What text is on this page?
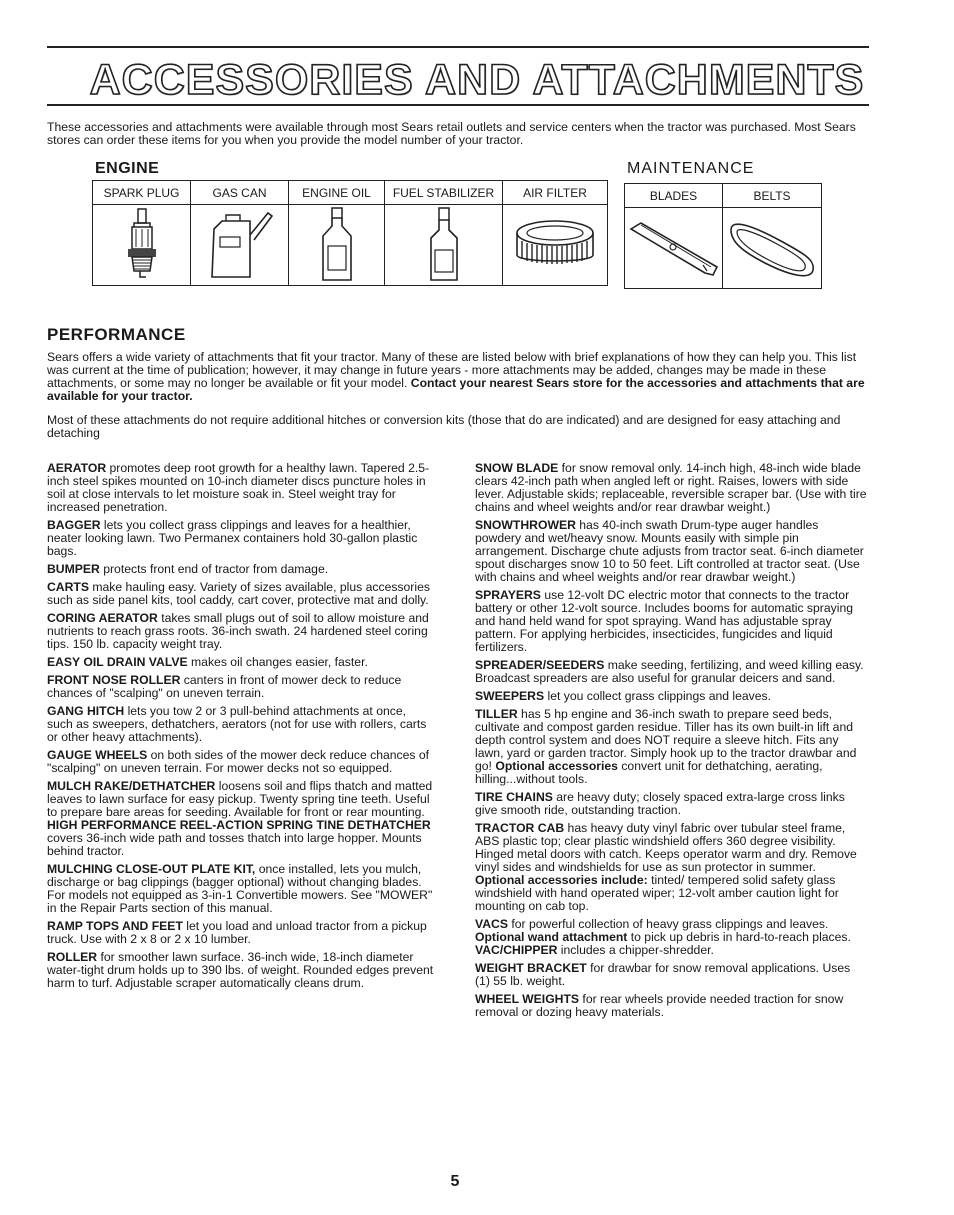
ACCESSORIES AND ATTACHMENTS
These accessories and attachments were available through most Sears retail outlets and service centers when the tractor was purchased. Most Sears stores can order these items for you when you provide the model number of your tractor.
ENGINE
SPARK PLUG	GAS CAN	ENGINE OIL	FUEL STABILIZER	AIR FILTER
MAINTENANCE
BLADES	BELTS
PERFORMANCE
Sears offers a wide variety of attachments that fit your tractor. Many of these are listed below with brief explanations of how they can help you. This list was current at the time of publication; however, it may change in future years - more attachments may be added, changes may be made in these attachments, or some may no longer be available or fit your model. Contact your nearest Sears store for the accessories and attachments that are available for your tractor.
Most of these attachments do not require additional hitches or conversion kits (those that do are indicated) and are designed for easy attaching and detaching

AERATOR promotes deep root growth for a healthy lawn. Tapered 2.5-inch steel spikes mounted on 10-inch diameter discs puncture holes in soil at close intervals to let moisture soak in. Steel weight tray for increased penetration.

BAGGER lets you collect grass clippings and leaves for a healthier, neater looking lawn. Two Permanex containers hold 30-gallon plastic bags.

BUMPER protects front end of tractor from damage.

CARTS make hauling easy. Variety of sizes available, plus accessories such as side panel kits, tool caddy, cart cover, protective mat and dolly.

CORING AERATOR takes small plugs out of soil to allow moisture and nutrients to reach grass roots. 36-inch swath. 24 hardened steel coring tips. 150 lb. capacity weight tray.

EASY OIL DRAIN VALVE makes oil changes easier, faster.

FRONT NOSE ROLLER canters in front of mower deck to reduce chances of "scalping" on uneven terrain.

GANG HITCH lets you tow 2 or 3 pull-behind attachments at once, such as sweepers, dethatchers, aerators (not for use with rollers, carts or other heavy attachments).

GAUGE WHEELS on both sides of the mower deck reduce chances of "scalping" on uneven terrain. For mower decks not so equipped.

MULCH RAKE/DETHATCHER loosens soil and flips thatch and matted leaves to lawn surface for easy pickup. Twenty spring tine teeth. Useful to prepare bare areas for seeding. Available for front or rear mounting. HIGH PERFORMANCE REEL-ACTION SPRING TINE DETHATCHER covers 36-inch wide path and tosses thatch into large hopper. Mounts behind tractor.

MULCHING CLOSE-OUT PLATE KIT, once installed, lets you mulch, discharge or bag clippings (bagger optional) without changing blades. For models not equipped as 3-in-1 Convertible mowers. See "MOWER" in the Repair Parts section of this manual.

RAMP TOPS AND FEET let you load and unload tractor from a pickup truck. Use with 2 x 8 or 2 x 10 lumber.

ROLLER for smoother lawn surface. 36-inch wide, 18-inch diameter water-tight drum holds up to 390 lbs. of weight. Rounded edges prevent harm to turf. Adjustable scraper automatically cleans drum.

SNOW BLADE for snow removal only. 14-inch high, 48-inch wide blade clears 42-inch path when angled left or right. Raises, lowers with side lever. Adjustable skids; replaceable, reversible scraper bar. (Use with tire chains and wheel weights and/or rear drawbar weight.)

SNOWTHROWER has 40-inch swath Drum-type auger handles powdery and wet/heavy snow. Mounts easily with simple pin arrangement. Discharge chute adjusts from tractor seat. 6-inch diameter spout discharges snow 10 to 50 feet. Lift controlled at tractor seat. (Use with chains and wheel weights and/or rear drawbar weight.)

SPRAYERS use 12-volt DC electric motor that connects to the tractor battery or other 12-volt source. Includes booms for automatic spraying and hand held wand for spot spraying. Wand has adjustable spray pattern. For applying herbicides, insecticides, fungicides and liquid fertilizers.

SPREADER/SEEDERS make seeding, fertilizing, and weed killing easy. Broadcast spreaders are also useful for granular deicers and sand.

SWEEPERS let you collect grass clippings and leaves.

TILLER has 5 hp engine and 36-inch swath to prepare seed beds, cultivate and compost garden residue. Tiller has its own built-in lift and depth control system and does NOT require a sleeve hitch. Fits any lawn, yard or garden tractor. Simply hook up to the tractor drawbar and go! Optional accessories convert unit for dethatching, aerating, hilling...without tools.

TIRE CHAINS are heavy duty; closely spaced extra-large cross links give smooth ride, outstanding traction.

TRACTOR CAB has heavy duty vinyl fabric over tubular steel frame, ABS plastic top; clear plastic windshield offers 360 degree visibility. Hinged metal doors with catch. Keeps operator warm and dry. Remove vinyl sides and windshields for use as sun protector in summer. Optional accessories include: tinted/ tempered solid safety glass windshield with hand operated wiper; 12-volt amber caution light for mounting on cab top.

VACS for powerful collection of heavy grass clippings and leaves. Optional wand attachment to pick up debris in hard-to-reach places. VAC/CHIPPER includes a chipper-shredder.

WEIGHT BRACKET for drawbar for snow removal applications. Uses (1) 55 lb. weight.

WHEEL WEIGHTS for rear wheels provide needed traction for snow removal or dozing heavy materials.

5
